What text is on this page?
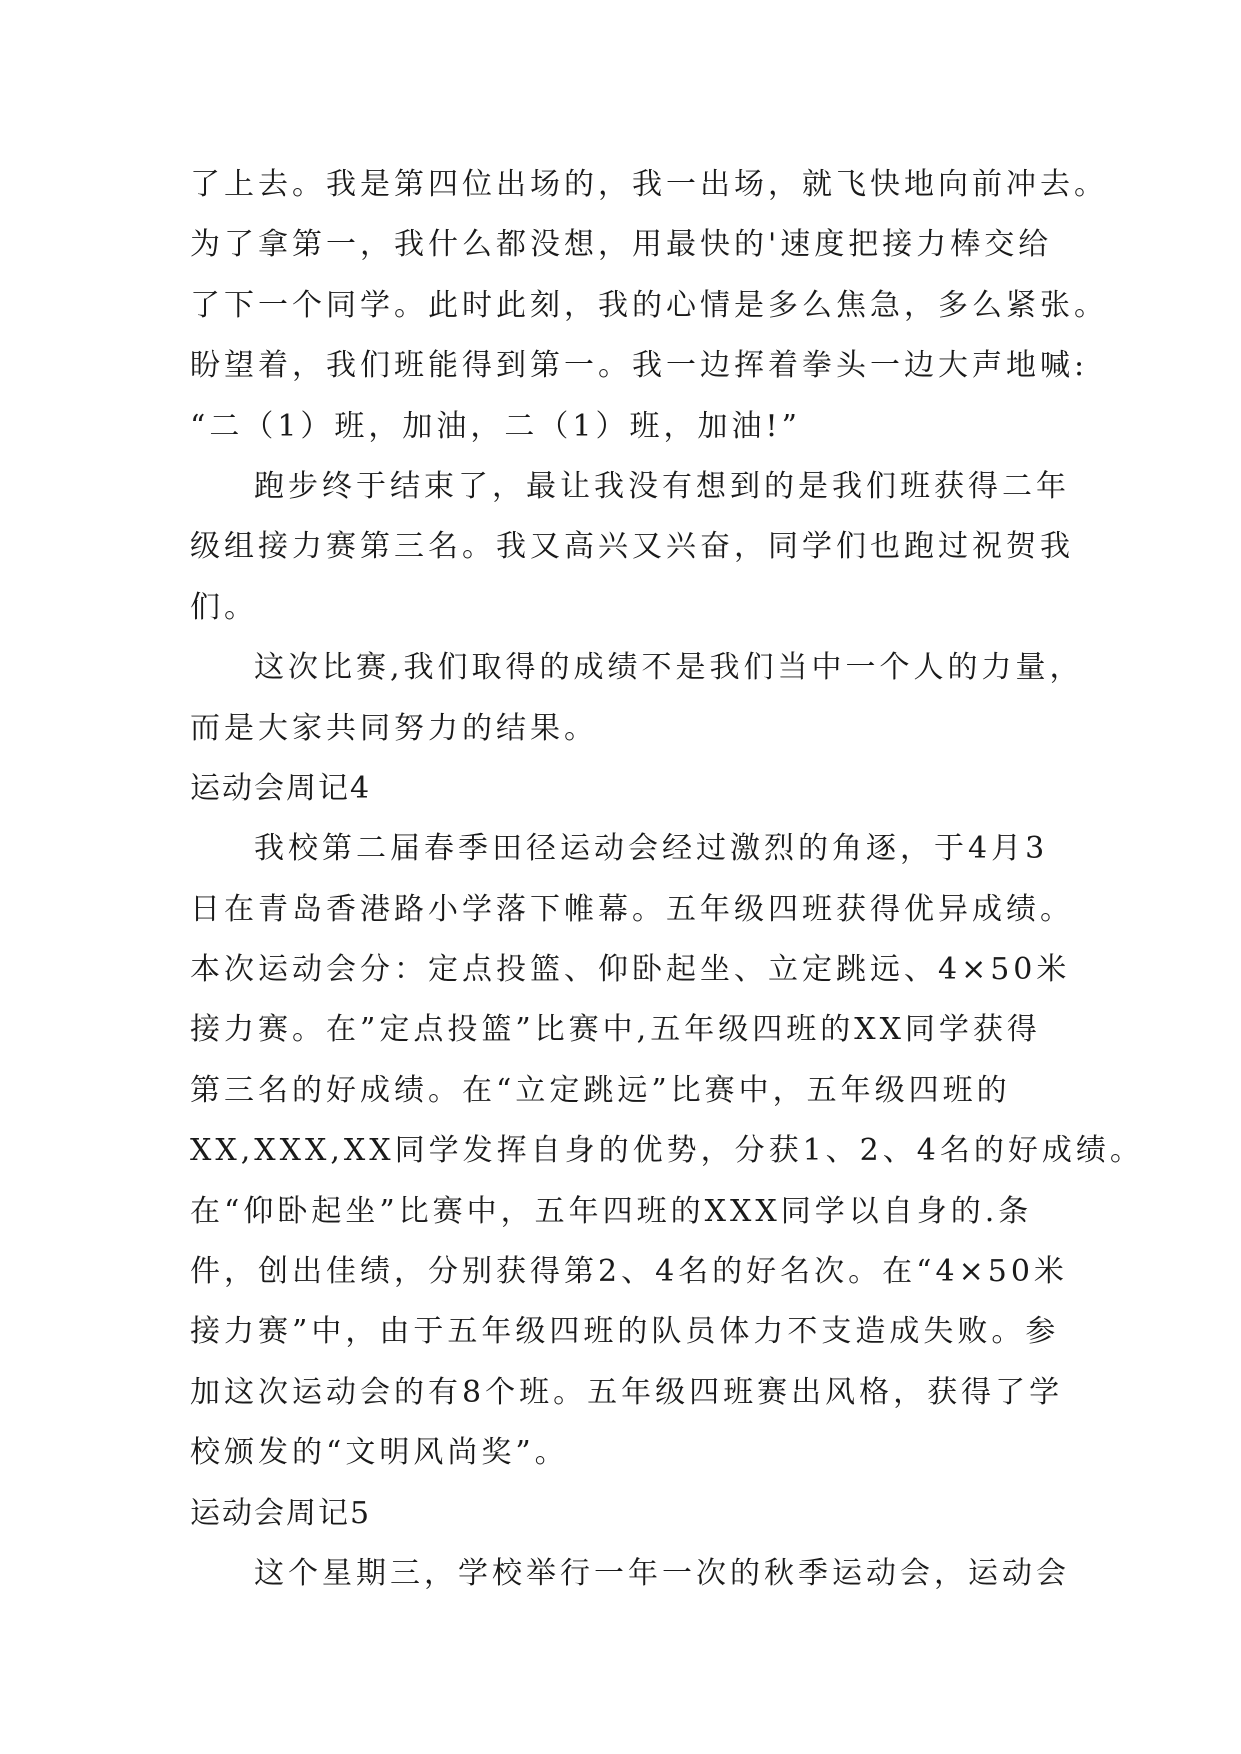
了上去。我是第四位出场的，我一出场，就飞快地向前冲去。
为了拿第一，我什么都没想，用最快的'速度把接力棒交给
了下一个同学。此时此刻，我的心情是多么焦急，多么紧张。
盼望着，我们班能得到第一。我一边挥着拳头一边大声地喊:
“二（1）班，加油，二（1）班，加油!”
跑步终于结束了，最让我没有想到的是我们班获得二年
级组接力赛第三名。我又高兴又兴奋，同学们也跑过祝贺我
们。
这次比赛,我们取得的成绩不是我们当中一个人的力量，
而是大家共同努力的结果。
运动会周记4
我校第二届春季田径运动会经过激烈的角逐，于4月3
日在青岛香港路小学落下帷幕。五年级四班获得优异成绩。
本次运动会分：定点投篮、仰卧起坐、立定跳远、4×50米
接力赛。在”定点投篮”比赛中,五年级四班的XX同学获得
第三名的好成绩。在“立定跳远”比赛中，五年级四班的
XX,XXX,XX同学发挥自身的优势，分获1、2、4名的好成绩。
在“仰卧起坐”比赛中，五年四班的XXX同学以自身的.条
件，创出佳绩，分别获得第2、4名的好名次。在“4×50米
接力赛”中，由于五年级四班的队员体力不支造成失败。参
加这次运动会的有8个班。五年级四班赛出风格，获得了学
校颁发的“文明风尚奖”。
运动会周记5
这个星期三，学校举行一年一次的秋季运动会，运动会
